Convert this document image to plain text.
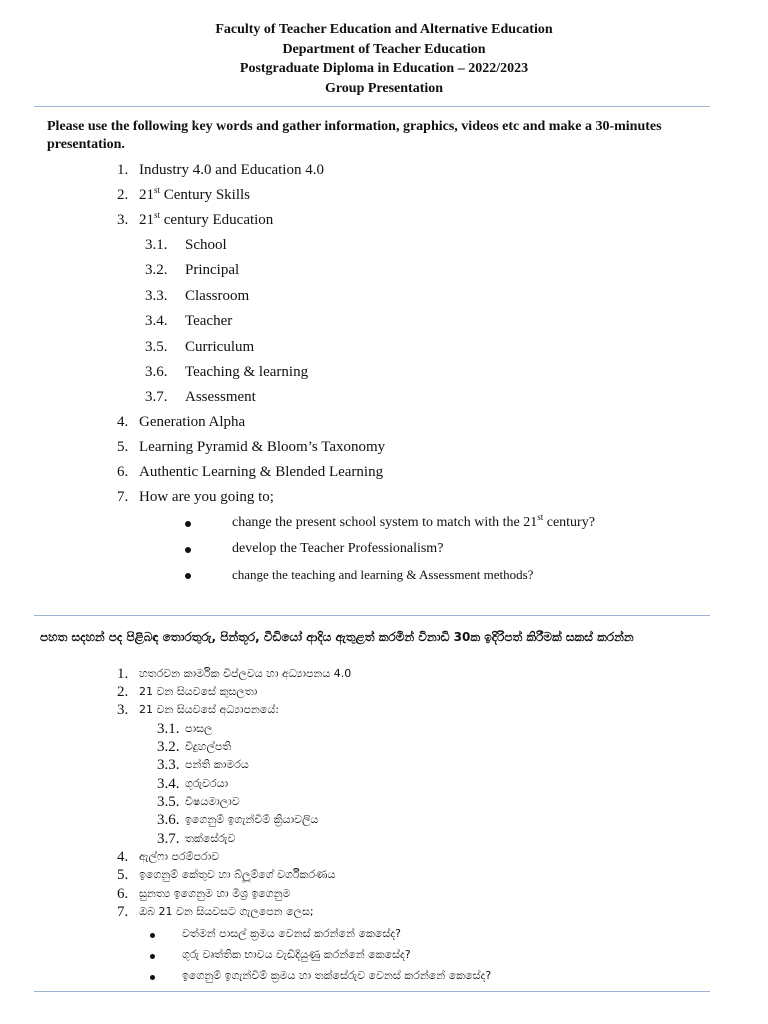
Faculty of Teacher Education and Alternative Education
Department of Teacher Education
Postgraduate Diploma in Education – 2022/2023
Group Presentation
Please use the following key words and gather information, graphics, videos etc and make a 30-minutes presentation.
1. Industry 4.0 and Education 4.0
2. 21st Century Skills
3. 21st century Education
3.1. School
3.2. Principal
3.3. Classroom
3.4. Teacher
3.5. Curriculum
3.6. Teaching & learning
3.7. Assessment
4. Generation Alpha
5. Learning Pyramid & Bloom’s Taxonomy
6. Authentic Learning & Blended Learning
7. How are you going to;
change the present school system to match with the 21st century?
develop the Teacher Professionalism?
change the teaching and learning & Assessment methods?
පහත සදහන් පද පිළිබඳ තොරතුරු, පින්තූර, වීඩියෝ ආදිය ඇතුළත් කරමින් විනාඩි 30ක ඉදිරිපත් කිරීමක් සකස් කරන්න
1. හතරවන කාර්මික විප්ලවය හා අධ්‍යාපනය 4.0
2. 21 වන සියවසේ කුසලතා
3. 21 වන සියවසේ අධ්‍යාපනයේ:
3.1. පාසල
3.2. විදුහල්පති
3.3. පන්ති කාමරය
3.4. ගුරුවරයා
3.5. විෂයමාලාව
3.6. ඉගෙනුම් ඉගැන්වීම් ක්‍රියාවලිය
3.7. තක්සේරුව
4. ඇල්ෆා පරම්පරාව
5. ඉගෙනුම් කේතුව හා බ්ලූම්ගේ වර්ගීකරණය
6. සුනත්‍ය ඉගෙනුම හා මිශ්‍ර ඉගෙනුම
7. ඔබ 21 වන සියවසට ගැලපෙන ලෙස;
වත්මන් පාසල් ක්‍රමය වෙනස් කරන්නේ කෙසේද?
ගුරු වෘත්තික භාවය වැඩිදියුණු කරන්නේ කෙසේද?
ඉගෙනුම් ඉගැන්වීම් ක්‍රමය හා තක්සේරුව වෙනස් කරන්නේ කෙසේද?
